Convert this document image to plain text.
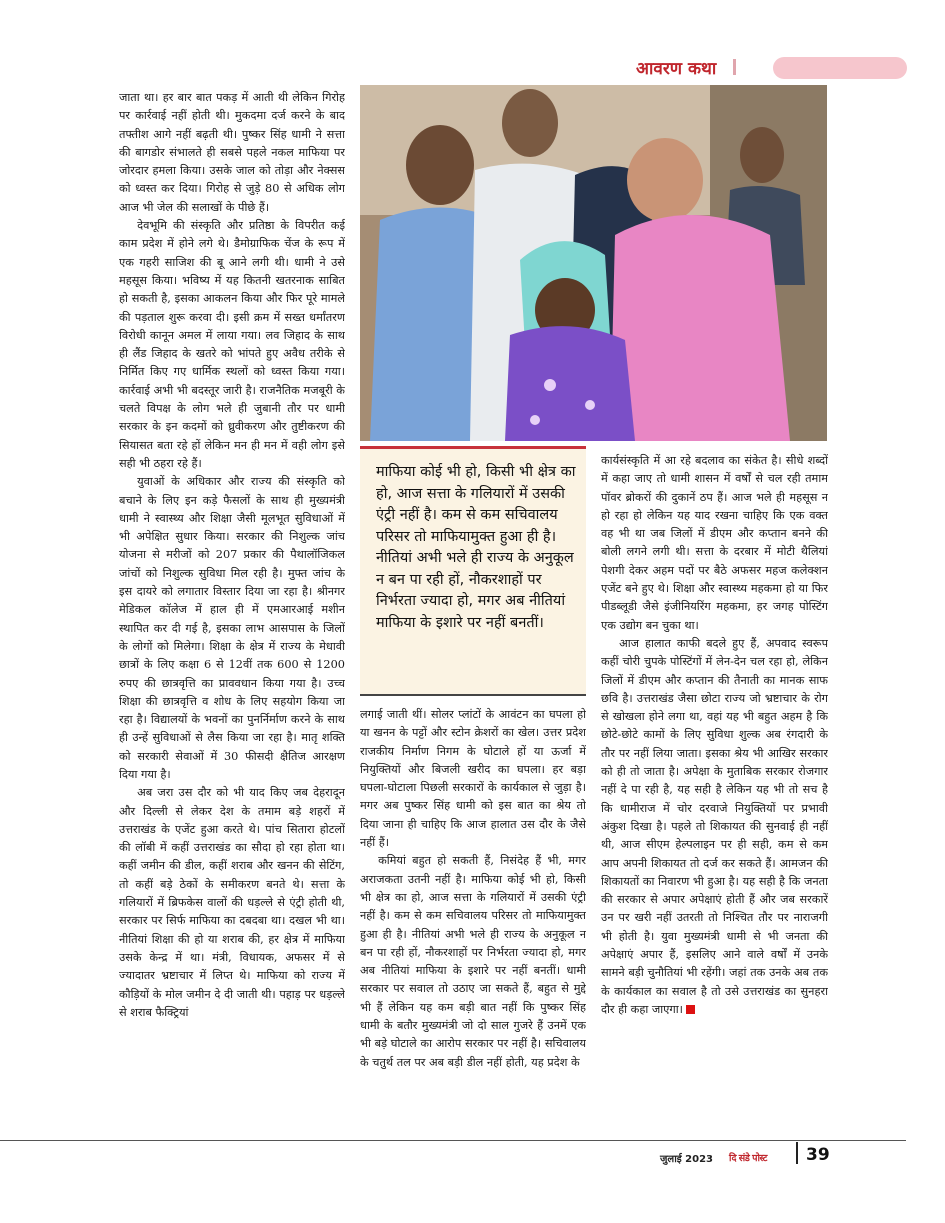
आवरण कथा

जाता था। हर बार बात पकड़ में आती थी लेकिन गिरोह पर कार्रवाई नहीं होती थी। मुकदमा दर्ज करने के बाद तफ्तीश आगे नहीं बढ़ती थी। पुष्कर सिंह धामी ने सत्ता की बागडोर संभालते ही सबसे पहले नकल माफिया पर जोरदार हमला किया। उसके जाल को तोड़ा और नेक्सस को ध्वस्त कर दिया। गिरोह से जुड़े 80 से अधिक लोग आज भी जेल की सलाखों के पीछे हैं।

देवभूमि की संस्कृति और प्रतिष्ठा के विपरीत कई काम प्रदेश में होने लगे थे। डैमोग्राफिक चेंज के रूप में एक गहरी साजिश की बू आने लगी थी। धामी ने उसे महसूस किया। भविष्य में यह कितनी खतरनाक साबित हो सकती है, इसका आकलन किया और फिर पूरे मामले की पड़ताल शुरू करवा दी। इसी क्रम में सख्त धर्मांतरण विरोधी कानून अमल में लाया गया। लव जिहाद के साथ ही लैंड जिहाद के खतरे को भांपते हुए अवैध तरीके से निर्मित किए गए धार्मिक स्थलों को ध्वस्त किया गया। कार्रवाई अभी भी बदस्तूर जारी है। राजनैतिक मजबूरी के चलते विपक्ष के लोग भले ही जुबानी तौर पर धामी सरकार के इन कदमों को ध्रुवीकरण और तुष्टीकरण की सियासत बता रहे हों लेकिन मन ही मन में वही लोग इसे सही भी ठहरा रहे हैं।

युवाओं के अधिकार और राज्य की संस्कृति को बचाने के लिए इन कड़े फैसलों के साथ ही मुख्यमंत्री धामी ने स्वास्थ्य और शिक्षा जैसी मूलभूत सुविधाओं में भी अपेक्षित सुधार किया। सरकार की निशुल्क जांच योजना से मरीजों को 207 प्रकार की पैथालॉजिकल जांचों को निशुल्क सुविधा मिल रही है। मुफ्त जांच के इस दायरे को लगातार विस्तार दिया जा रहा है। श्रीनगर मेडिकल कॉलेज में हाल ही में एमआरआई मशीन स्थापित कर दी गई है, इसका लाभ आसपास के जिलों के लोगों को मिलेगा। शिक्षा के क्षेत्र में राज्य के मेधावी छात्रों के लिए कक्षा 6 से 12वीं तक 600 से 1200 रुपए की छात्रवृत्ति का प्राववधान किया गया है। उच्च शिक्षा की छात्रवृत्ति व शोध के लिए सहयोग किया जा रहा है। विद्यालयों के भवनों का पुनर्निर्माण करने के साथ ही उन्हें सुविधाओं से लैस किया जा रहा है। मातृ शक्ति को सरकारी सेवाओं में 30 फीसदी क्षैतिज आरक्षण दिया गया है।

अब जरा उस दौर को भी याद किए जब देहरादून और दिल्ली से लेकर देश के तमाम बड़े शहरों में उत्तराखंड के एजेंट हुआ करते थे। पांच सितारा होटलों की लॉबी में कहीं उत्तराखंड का सौदा हो रहा होता था। कहीं जमीन की डील, कहीं शराब और खनन की सेटिंग, तो कहीं बड़े ठेकों के समीकरण बनते थे। सत्ता के गलियारों में ब्रिफकेस वालों की धड़ल्ले से एंट्री होती थी, सरकार पर सिर्फ माफिया का दबदबा था। दखल भी था। नीतियां शिक्षा की हो या शराब की, हर क्षेत्र में माफिया उसके केन्द्र में था। मंत्री, विधायक, अफसर में से ज्यादातर भ्रष्टाचार में लिप्त थे। माफिया को राज्य में कौड़ियों के मोल जमीन दे दी जाती थी। पहाड़ पर धड़ल्ले से शराब फैक्ट्रियां

माफिया कोई भी हो, किसी भी क्षेत्र का हो, आज सत्ता के गलियारों में उसकी एंट्री नहीं है। कम से कम सचिवालय परिसर तो माफियामुक्त हुआ ही है। नीतियां अभी भले ही राज्य के अनुकूल न बन पा रही हों, नौकरशाहों पर निर्भरता ज्यादा हो, मगर अब नीतियां माफिया के इशारे पर नहीं बनतीं।

लगाई जाती थीं। सोलर प्लांटों के आवंटन का घपला हो या खनन के पट्टों और स्टोन क्रेशरों का खेल। उत्तर प्रदेश राजकीय निर्माण निगम के घोटाले हों या ऊर्जा में नियुक्तियों और बिजली खरीद का घपला। हर बड़ा घपला-घोटाला पिछली सरकारों के कार्यकाल से जुड़ा है। मगर अब पुष्कर सिंह धामी को इस बात का श्रेय तो दिया जाना ही चाहिए कि आज हालात उस दौर के जैसे नहीं हैं।

कमियां बहुत हो सकती हैं, निसंदेह हैं भी, मगर अराजकता उतनी नहीं है। माफिया कोई भी हो, किसी भी क्षेत्र का हो, आज सत्ता के गलियारों में उसकी एंट्री नहीं है। कम से कम सचिवालय परिसर तो माफियामुक्त हुआ ही है। नीतियां अभी भले ही राज्य के अनुकूल न बन पा रही हों, नौकरशाहों पर निर्भरता ज्यादा हो, मगर अब नीतियां माफिया के इशारे पर नहीं बनतीं। धामी सरकार पर सवाल तो उठाए जा सकते हैं, बहुत से मुद्दे भी हैं लेकिन यह कम बड़ी बात नहीं कि पुष्कर सिंह धामी के बतौर मुख्यमंत्री जो दो साल गुजरे हैं उनमें एक भी बड़े घोटाले का आरोप सरकार पर नहीं है। सचिवालय के चतुर्थ तल पर अब बड़ी डील नहीं होती, यह प्रदेश के

कार्यसंस्कृति में आ रहे बदलाव का संकेत है। सीधे शब्दों में कहा जाए तो धामी शासन में वर्षों से चल रही तमाम पॉवर ब्रोकरों की दुकानें ठप हैं। आज भले ही महसूस न हो रहा हो लेकिन यह याद रखना चाहिए कि एक वक्त वह भी था जब जिलों में डीएम और कप्तान बनने की बोली लगने लगी थी। सत्ता के दरबार में मोटी थैलियां पेशगी देकर अहम पदों पर बैठे अफसर महज कलेक्शन एजेंट बने हुए थे। शिक्षा और स्वास्थ्य महकमा हो या फिर पीडब्लूडी जैसे इंजीनियरिंग महकमा, हर जगह पोस्टिंग एक उद्योग बन चुका था।

आज हालात काफी बदले हुए हैं, अपवाद स्वरूप कहीं चोरी चुपके पोस्टिंगों में लेन-देन चल रहा हो, लेकिन जिलों में डीएम और कप्तान की तैनाती का मानक साफ छवि है। उत्तराखंड जैसा छोटा राज्य जो भ्रष्टाचार के रोग से खोखला होने लगा था, वहां यह भी बहुत अहम है कि छोटे-छोटे कामों के लिए सुविधा शुल्क अब रंगदारी के तौर पर नहीं लिया जाता। इसका श्रेय भी आखिर सरकार को ही तो जाता है। अपेक्षा के मुताबिक सरकार रोजगार नहीं दे पा रही है, यह सही है लेकिन यह भी तो सच है कि धामीराज में चोर दरवाजे नियुक्तियों पर प्रभावी अंकुश दिखा है। पहले तो शिकायत की सुनवाई ही नहीं थी, आज सीएम हेल्पलाइन पर ही सही, कम से कम आप अपनी शिकायत तो दर्ज कर सकते हैं। आमजन की शिकायतों का निवारण भी हुआ है। यह सही है कि जनता की सरकार से अपार अपेक्षाएं होती हैं और जब सरकारें उन पर खरी नहीं उतरती तो निश्चित तौर पर नाराजगी भी होती है। युवा मुख्यमंत्री धामी से भी जनता की अपेक्षाएं अपार हैं, इसलिए आने वाले वर्षों में उनके सामने बड़ी चुनौतियां भी रहेंगी। जहां तक उनके अब तक के कार्यकाल का सवाल है तो उसे उत्तराखंड का सुनहरा दौर ही कहा जाएगा।

जुलाई 2023 दि संडे पोस्ट 39
